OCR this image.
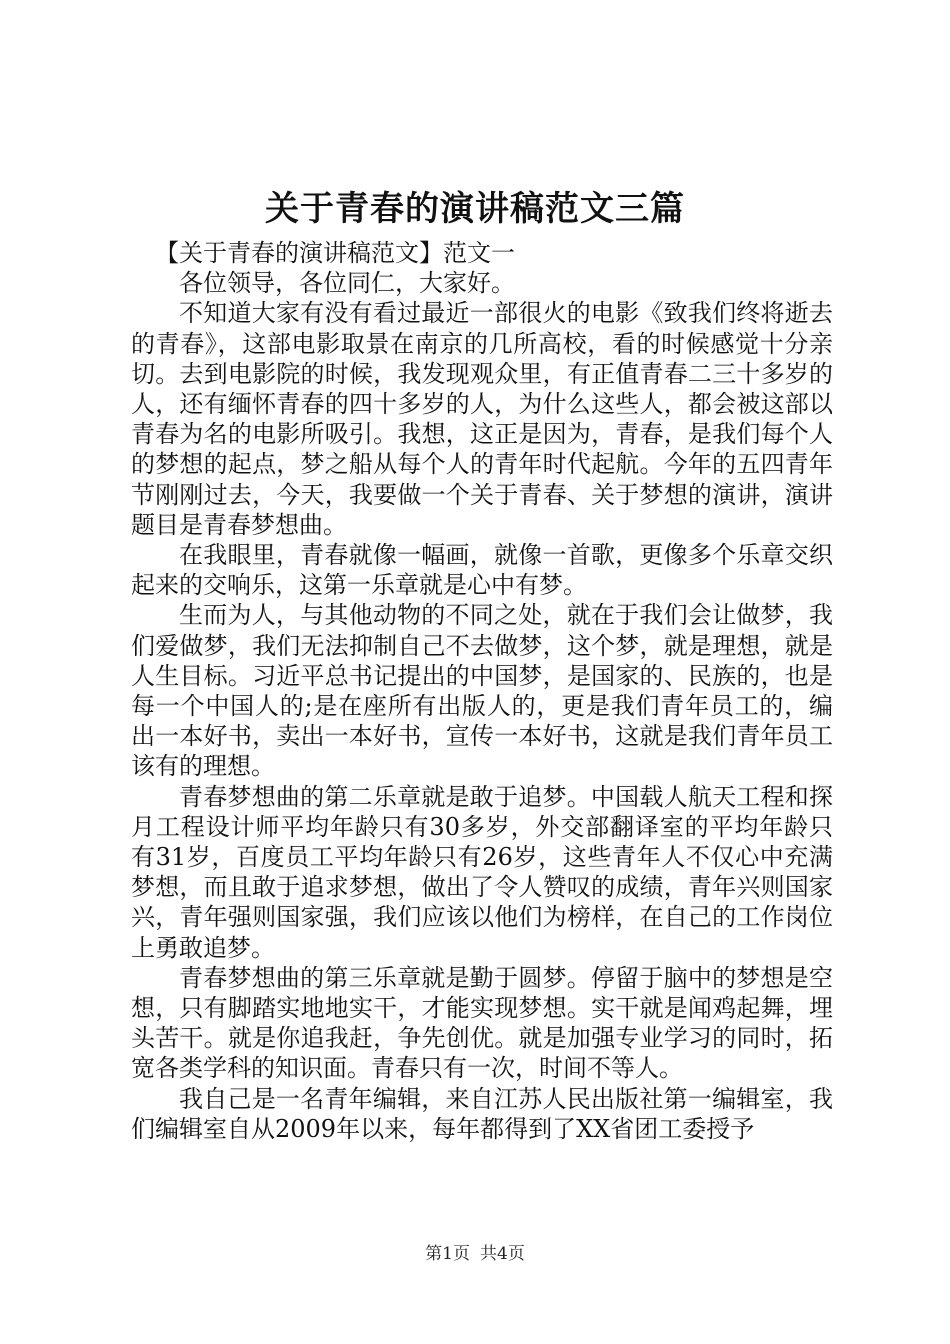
关于青春的演讲稿范文三篇

【关于青春的演讲稿范文】范文一

各位领导，各位同仁，大家好。

不知道大家有没有看过最近一部很火的电影《致我们终将逝去的青春》，这部电影取景在南京的几所高校，看的时候感觉十分亲切。去到电影院的时候，我发现观众里，有正值青春二三十多岁的人，还有缅怀青春的四十多岁的人，为什么这些人，都会被这部以青春为名的电影所吸引。我想，这正是因为，青春，是我们每个人的梦想的起点，梦之船从每个人的青年时代起航。今年的五四青年节刚刚过去，今天，我要做一个关于青春、关于梦想的演讲，演讲题目是青春梦想曲。

在我眼里，青春就像一幅画，就像一首歌，更像多个乐章交织起来的交响乐，这第一乐章就是心中有梦。

生而为人，与其他动物的不同之处，就在于我们会让做梦，我们爱做梦，我们无法抑制自己不去做梦，这个梦，就是理想，就是人生目标。习近平总书记提出的中国梦，是国家的、民族的，也是每一个中国人的;是在座所有出版人的，更是我们青年员工的，编出一本好书，卖出一本好书，宣传一本好书，这就是我们青年员工该有的理想。

青春梦想曲的第二乐章就是敢于追梦。中国载人航天工程和探月工程设计师平均年龄只有30多岁，外交部翻译室的平均年龄只有31岁，百度员工平均年龄只有26岁，这些青年人不仅心中充满梦想，而且敢于追求梦想，做出了令人赞叹的成绩，青年兴则国家兴，青年强则国家强，我们应该以他们为榜样，在自己的工作岗位上勇敢追梦。

青春梦想曲的第三乐章就是勤于圆梦。停留于脑中的梦想是空想，只有脚踏实地地实干，才能实现梦想。实干就是闻鸡起舞，埋头苦干。就是你追我赶，争先创优。就是加强专业学习的同时，拓宽各类学科的知识面。青春只有一次，时间不等人。

我自己是一名青年编辑，来自江苏人民出版社第一编辑室，我们编辑室自从2009年以来，每年都得到了XX省团工委授予

第1页 共4页
